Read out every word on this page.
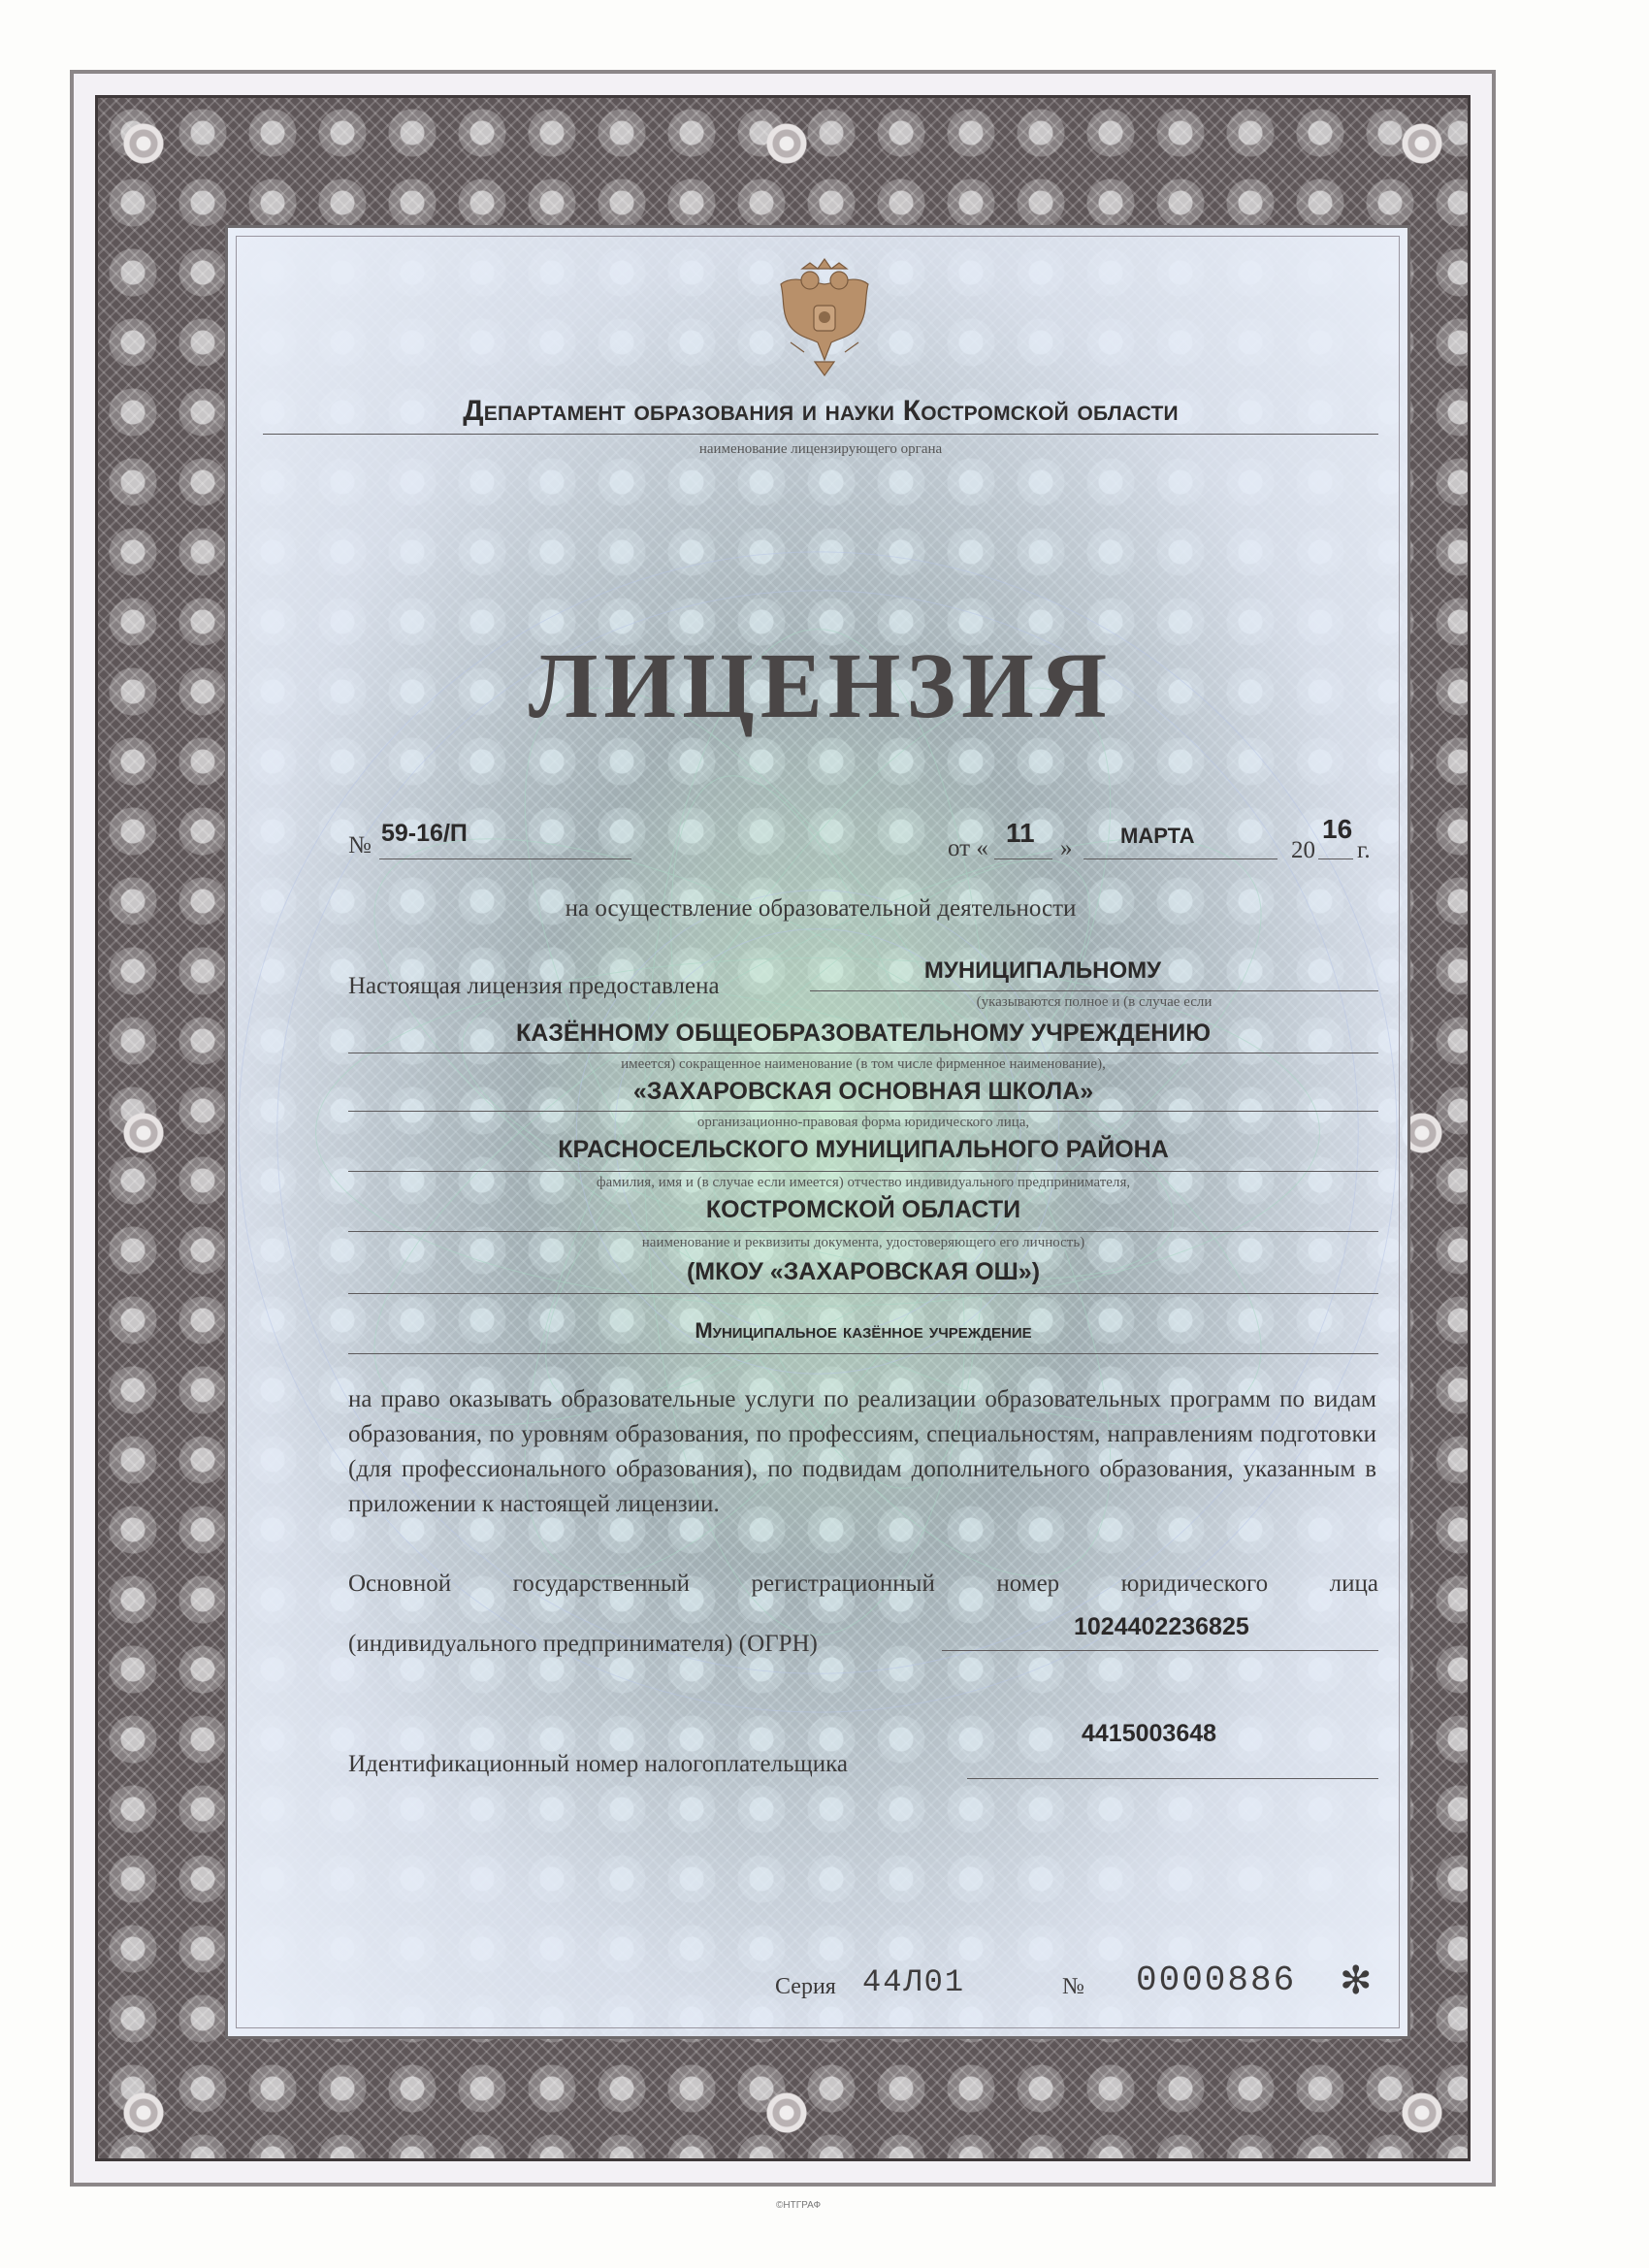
Департамент образования и науки Костромской области
наименование лицензирующего органа
ЛИЦЕНЗИЯ
№ 59-16/П
от «
11
» МАРТА
20
16
г.
на осуществление образовательной деятельности
Настоящая лицензия предоставлена
МУНИЦИПАЛЬНОМУ
(указываются полное и (в случае если
КАЗЁННОМУ ОБЩЕОБРАЗОВАТЕЛЬНОМУ УЧРЕЖДЕНИЮ
имеется) сокращенное наименование (в том числе фирменное наименование),
«ЗАХАРОВСКАЯ ОСНОВНАЯ ШКОЛА»
организационно-правовая форма юридического лица,
КРАСНОСЕЛЬСКОГО МУНИЦИПАЛЬНОГО РАЙОНА
фамилия, имя и (в случае если имеется) отчество индивидуального предпринимателя,
КОСТРОМСКОЙ ОБЛАСТИ
наименование и реквизиты документа, удостоверяющего его личность)
(МКОУ «ЗАХАРОВСКАЯ ОШ»)
Муниципальное казённое учреждение
на право оказывать образовательные услуги по реализации образовательных программ по видам образования, по уровням образования, по профессиям, специальностям, направлениям подготовки (для профессионального образования), по подвидам дополнительного образования, указанным в приложении к настоящей лицензии.
Основной государственный регистрационный номер юридического лица
(индивидуального предпринимателя) (ОГРН)
1024402236825
4415003648
Идентификационный номер налогоплательщика
Серия 44Л01	№ 0000886 ✻
©НТГРАФ
